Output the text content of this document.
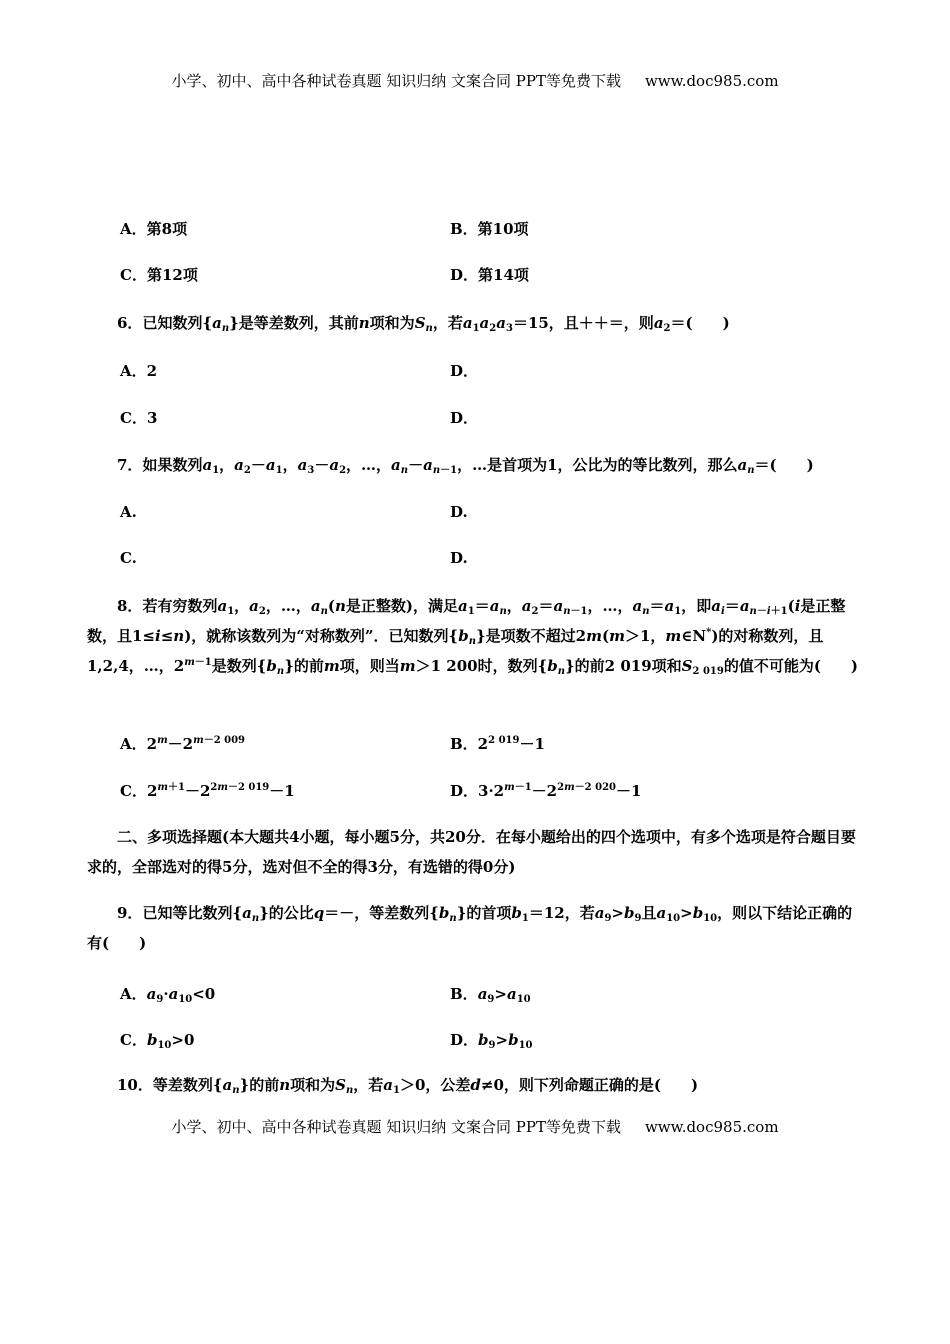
小学、初中、高中各种试卷真题 知识归纳 文案合同 PPT等免费下载 www.doc985.com
A．第8项	B．第10项
C．第12项	D．第14项
6．已知数列$\{a_n\}$是等差数列，其前n项和为$S_n$，若$a_1a_2a_3=15$，且＋＋＝，则$a_2=$(　　)
A．2	D．
C．3	D．
7．如果数列$a_1$，$a_2-a_1$，$a_3-a_2$，…，$a_n-a_{n-1}$，…是首项为1，公比为的等比数列，那么$a_n=$(　　)
A.	D.
C.	D.
8．若有穷数列$a_1$，$a_2$，…，$a_n(n$是正整数)，满足$a_1=a_n$，$a_2=a_{n-1}$，…，$a_n=a_1$，即$a_i=a_{n-i+1}(i$是正整数，且1≤i≤n)，就称该数列为“对称数列”．已知数列$\{b_n\}$是项数不超过2m(m＞1，m∈N*)的对称数列，且1,2,4，…，$2^{m-1}$是数列$\{b_n\}$的前m项，则当m＞1 200时，数列$\{b_n\}$的前2 019项和$S_{2 019}$的值不可能为(　　)
A．$2^m-2^{m-2 009}$	B．$2^{2 019}-1$
C．$2^{m+1}-2^{2m-2 019}-1$	D．$3\cdot 2^{m-1}-2^{2m-2 020}-1$
二、多项选择题(本大题共4小题，每小题5分，共20分．在每小题给出的四个选项中，有多个选项是符合题目要求的，全部选对的得5分，选对但不全的得3分，有选错的得0分)
9．已知等比数列$\{a_n\}$的公比q＝－，等差数列$\{b_n\}$的首项$b_1=12$，若$a_9>b_9$且$a_{10}>b_{10}$，则以下结论正确的有(　　)
A．$a_9\cdot a_{10}<0$	B．$a_9>a_{10}$
C．$b_{10}>0$	D．$b_9>b_{10}$
10．等差数列$\{a_n\}$的前n项和为$S_n$，若$a_1>0$，公差d≠0，则下列命题正确的是(　　)
小学、初中、高中各种试卷真题 知识归纳 文案合同 PPT等免费下载 www.doc985.com
